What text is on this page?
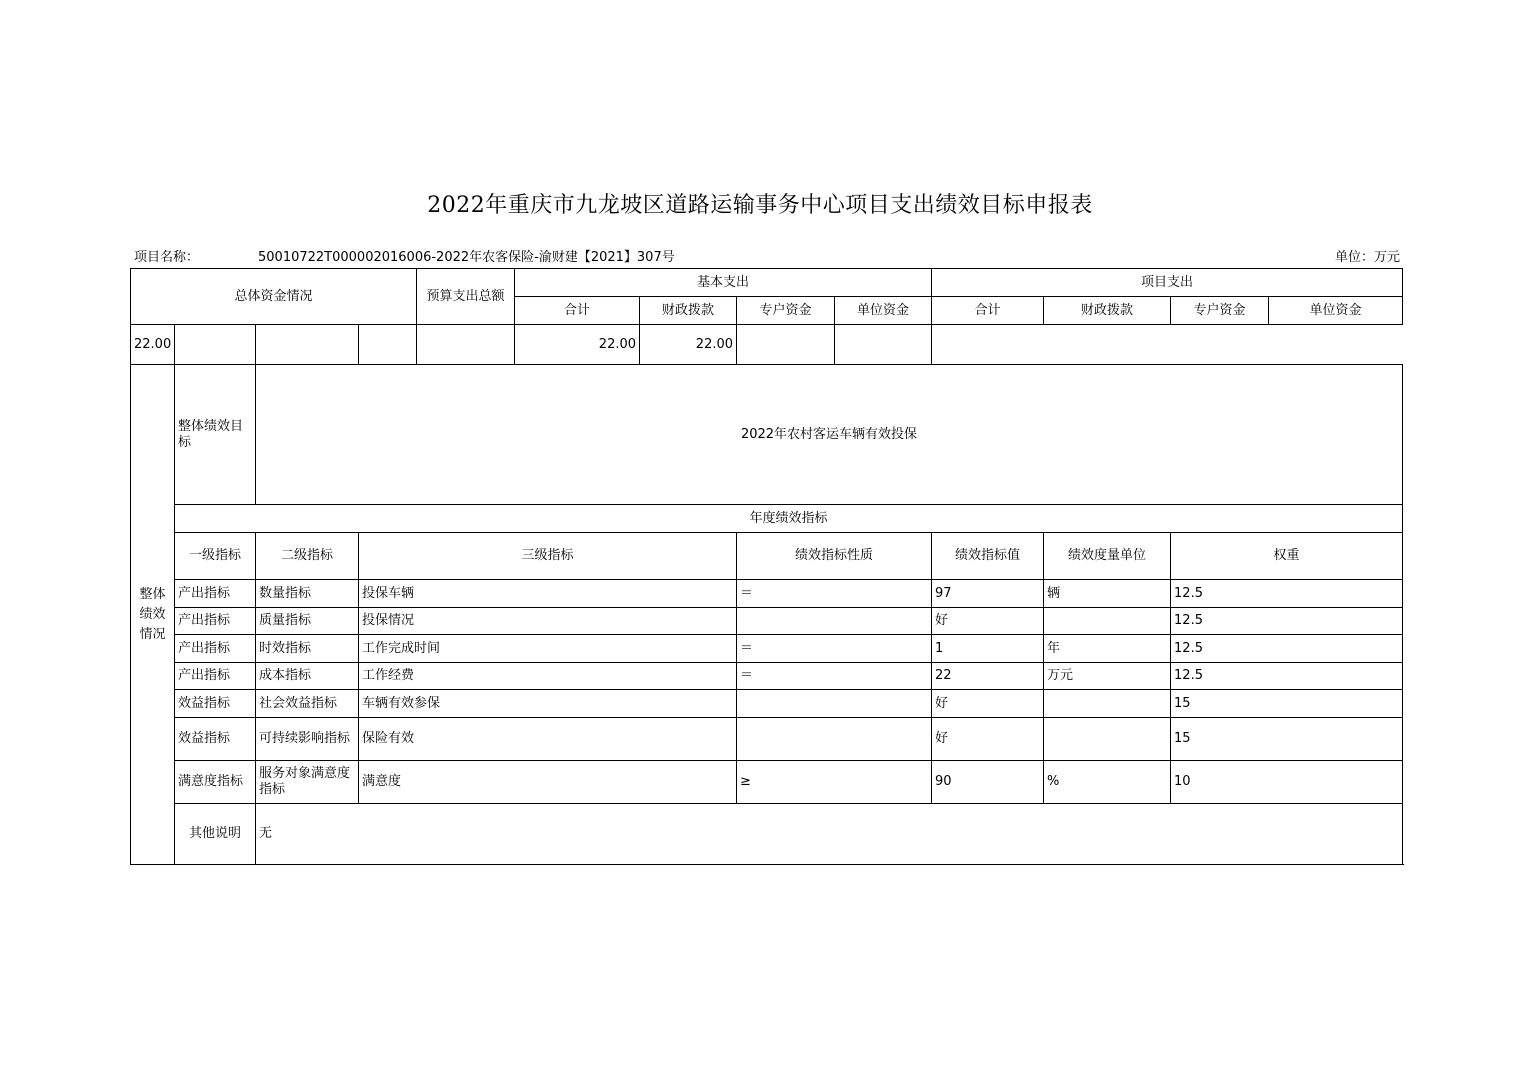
2022年重庆市九龙坡区道路运输事务中心项目支出绩效目标申报表
项目名称：	50010722T000002016006-2022年农客保险-渝财建【2021】307号	单位：万元
总体资金情况				预算支出总额	基本支出				项目支出			
					合计	财政拨款	专户资金	单位资金	合计	财政拨款	专户资金	单位资金
22.00					22.00	22.00						
整体绩效情况	整体绩效目标	2022年农村客运车辆有效投保										
	年度绩效指标											
	一级指标	二级指标	三级指标				绩效指标性质		绩效指标值	绩效度量单位	权重	
	产出指标	数量指标	投保车辆				＝		97	辆	12.5	
	产出指标	质量指标	投保情况						好		12.5	
	产出指标	时效指标	工作完成时间				＝		1	年	12.5	
	产出指标	成本指标	工作经费				＝		22	万元	12.5	
	效益指标	社会效益指标	车辆有效参保						好		15	
	效益指标	可持续影响指标	保险有效						好		15	
	满意度指标	服务对象满意度指标	满意度				≥		90	%	10	
	其他说明	无										
